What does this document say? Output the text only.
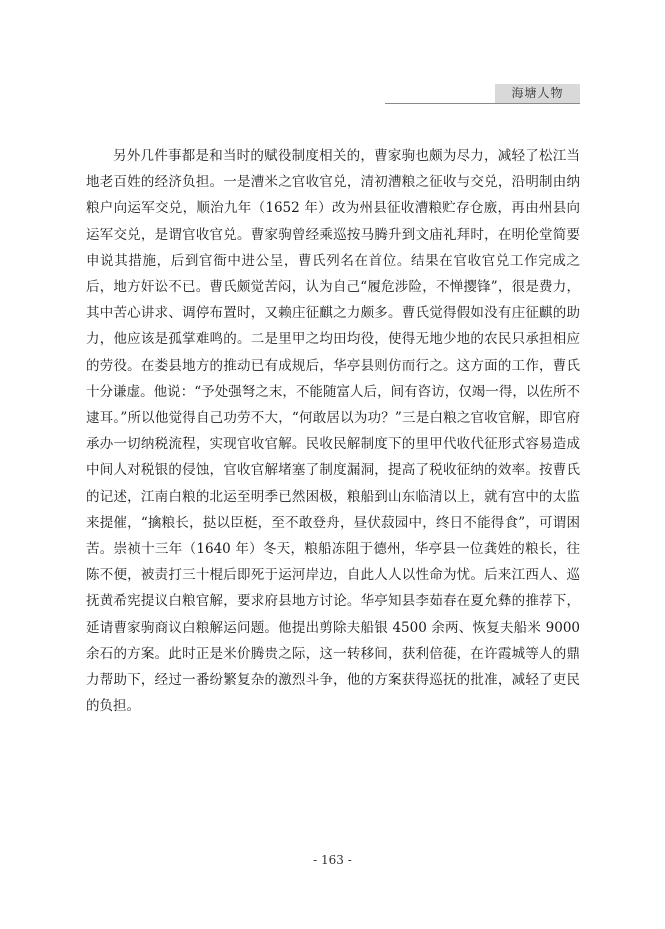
海塘人物

另外几件事都是和当时的赋役制度相关的，曹家驹也颇为尽力，减轻了松江当地老百姓的经济负担。一是漕米之官收官兑，清初漕粮之征收与交兑，沿明制由纳粮户向运军交兑，顺治九年（1652 年）改为州县征收漕粮贮存仓廒，再由州县向运军交兑，是谓官收官兑。曹家驹曾经乘巡按马腾升到文庙礼拜时，在明伦堂简要申说其措施，后到官衙中进公呈，曹氏列名在首位。结果在官收官兑工作完成之后，地方奸讼不已。曹氏颇觉苦闷，认为自己“履危涉险，不惮撄锋”，很是费力，其中苦心讲求、调停布置时，又赖庄征麒之力颇多。曹氏觉得假如没有庄征麒的助力，他应该是孤掌难鸣的。二是里甲之均田均役，使得无地少地的农民只承担相应的劳役。在娄县地方的推动已有成规后，华亭县则仿而行之。这方面的工作，曹氏十分谦虚。他说：“予处强弩之末，不能随富人后，间有咨访，仅竭一得，以佐所不逮耳。”所以他觉得自己功劳不大，“何敢居以为功？”三是白粮之官收官解，即官府承办一切纳税流程，实现官收官解。民收民解制度下的里甲代收代征形式容易造成中间人对税银的侵蚀，官收官解堵塞了制度漏洞，提高了税收征纳的效率。按曹氏的记述，江南白粮的北运至明季已然困极，粮船到山东临清以上，就有宫中的太监来提催，“擒粮长，挞以臣梃，至不敢登舟，昼伏菽园中，终日不能得食”，可谓困苦。崇祯十三年（1640 年）冬天，粮船冻阻于德州，华亭县一位龚姓的粮长，往陈不便，被责打三十棍后即死于运河岸边，自此人人以性命为忧。后来江西人、巡抚黄希宪提议白粮官解，要求府县地方讨论。华亭知县李茹春在夏允彝的推荐下，延请曹家驹商议白粮解运问题。他提出剪除夫船银 4500 余两、恢复夫船米 9000 余石的方案。此时正是米价腾贵之际，这一转移间，获利倍蓰，在许霞城等人的鼎力帮助下，经过一番纷繁复杂的激烈斗争，他的方案获得巡抚的批准，减轻了吏民的负担。

- 163 -
